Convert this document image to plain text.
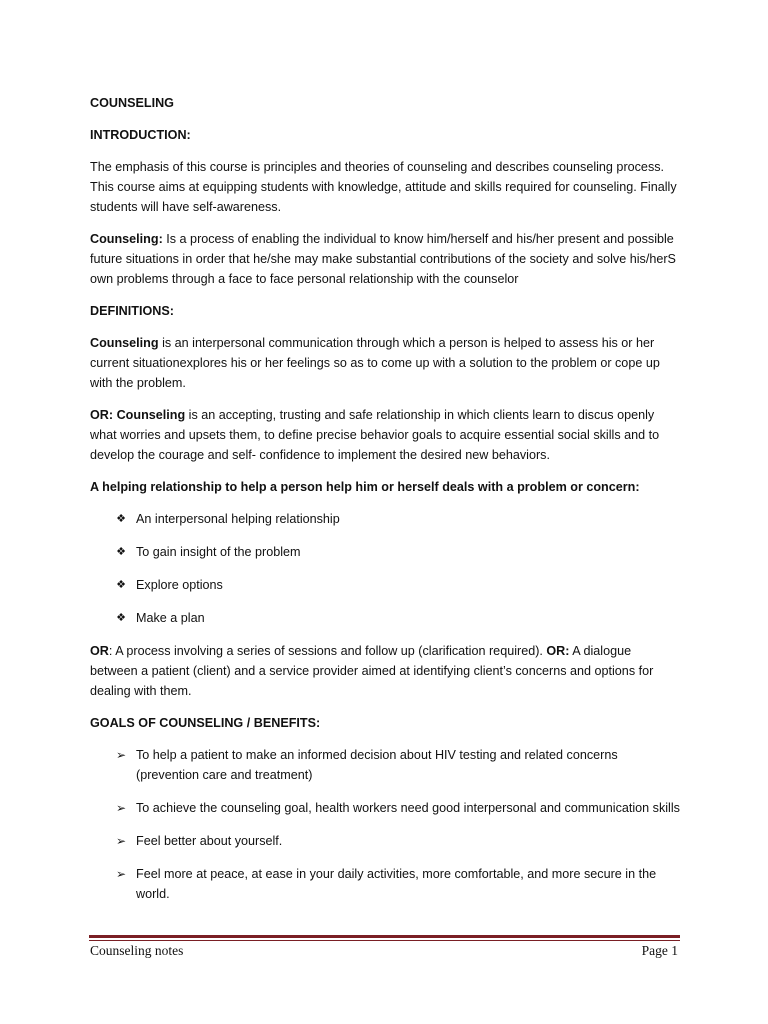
COUNSELING
INTRODUCTION:

The emphasis of this course is principles and theories of counseling and describes counseling process. This course aims at equipping students with knowledge, attitude and skills required for counseling. Finally students will have self-awareness.

Counseling: Is a process of enabling the individual to know him/herself and his/her present and possible future situations in order that he/she may make substantial contributions of the society and solve his/herS own problems through a face to face personal relationship with the counselor

DEFINITIONS:

Counseling is an interpersonal communication through which a person is helped to assess his or her current situationexplores his or her feelings so as to come up with a solution to the problem or cope up with the problem.

OR: Counseling is an accepting, trusting and safe relationship in which clients learn to discus openly what worries and upsets them, to define precise behavior goals to acquire essential social skills and to develop the courage and self- confidence to implement the desired new behaviors.

A helping relationship to help a person help him or herself deals with a problem or concern:
❖ An interpersonal helping relationship
❖ To gain insight of the problem
❖ Explore options
❖ Make a plan

OR: A process involving a series of sessions and follow up (clarification required). OR: A dialogue between a patient (client) and a service provider aimed at identifying client’s concerns and options for dealing with them.

GOALS OF COUNSELING / BENEFITS:
➢ To help a patient to make an informed decision about HIV testing and related concerns (prevention care and treatment)
➢ To achieve the counseling goal, health workers need good interpersonal and communication skills
➢ Feel better about yourself.
➢ Feel more at peace, at ease in your daily activities, more comfortable, and more secure in the world.
Counseling notes	Page 1
